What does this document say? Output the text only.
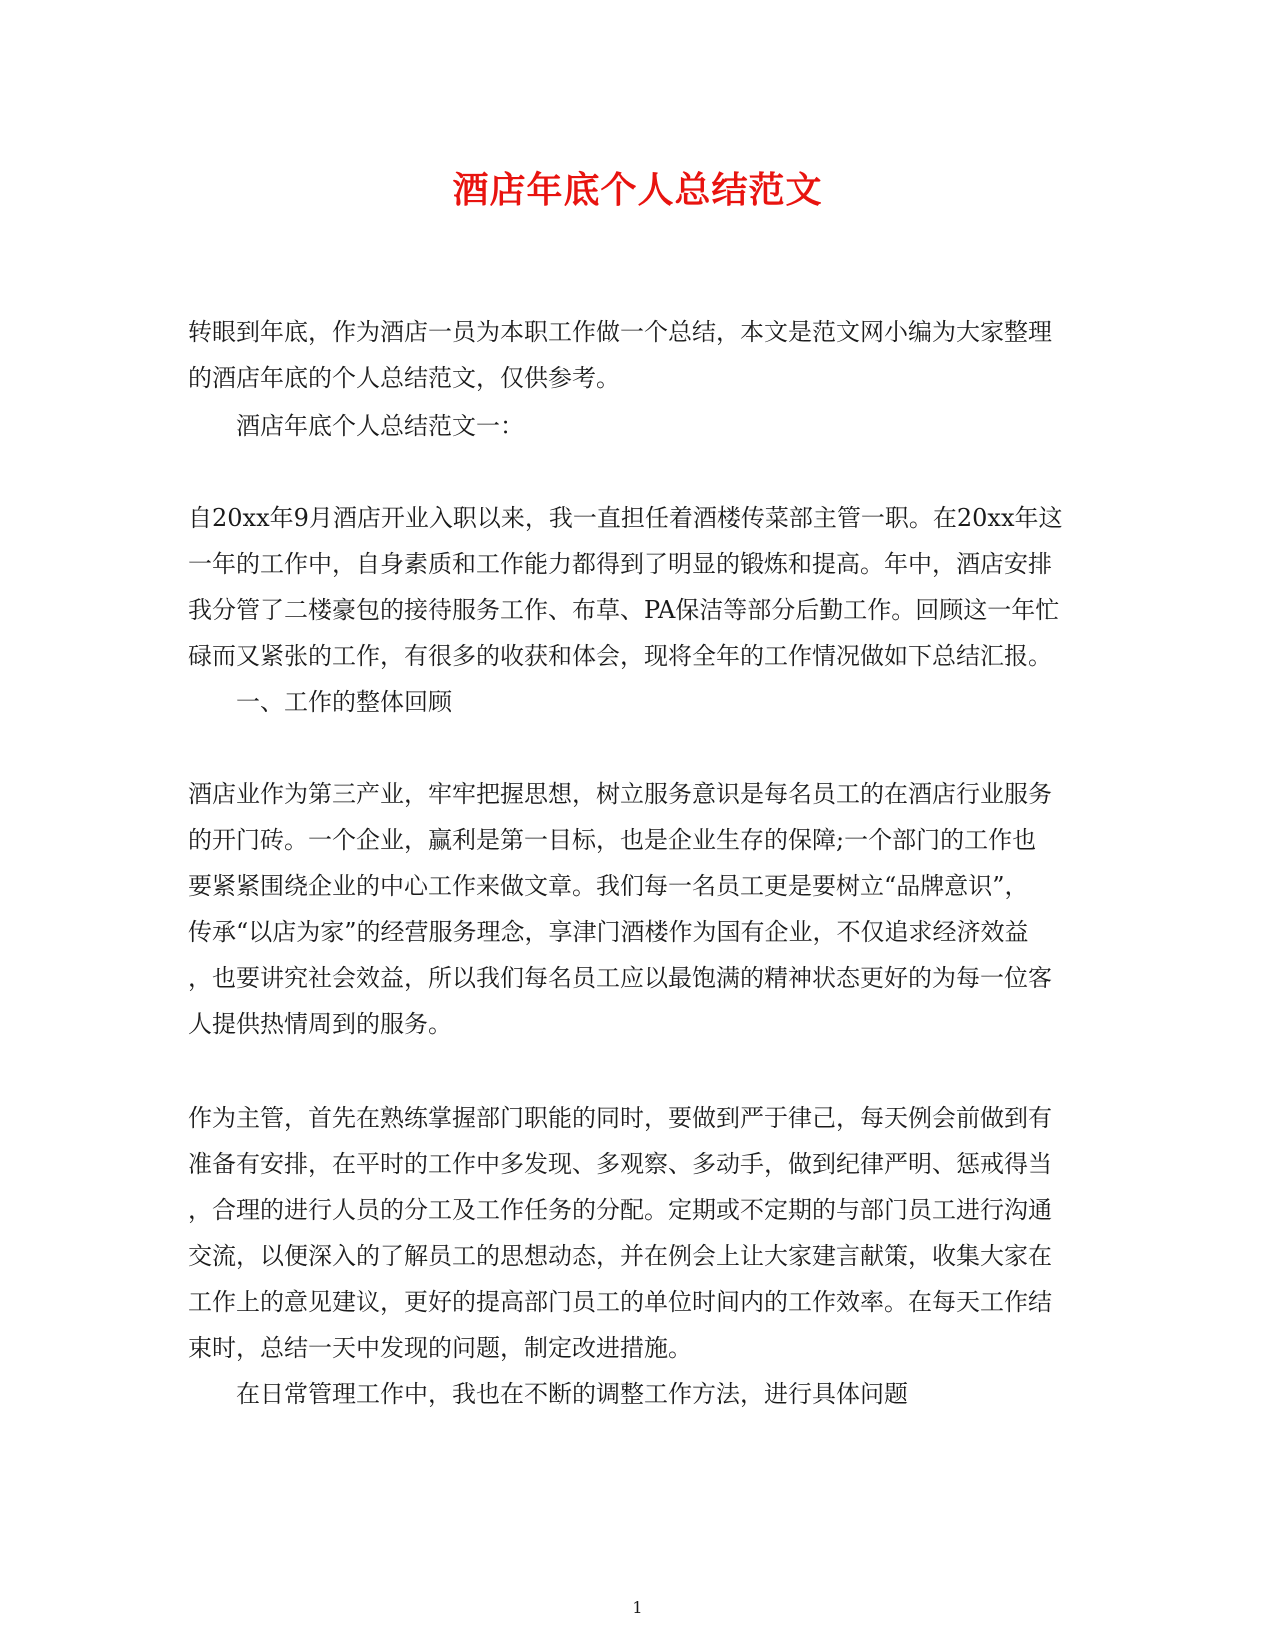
酒店年底个人总结范文

转眼到年底，作为酒店一员为本职工作做一个总结，本文是范文网小编为大家整理

的酒店年底的个人总结范文，仅供参考。

酒店年底个人总结范文一：

自20xx年9月酒店开业入职以来，我一直担任着酒楼传菜部主管一职。在20xx年这

一年的工作中，自身素质和工作能力都得到了明显的锻炼和提高。年中，酒店安排

我分管了二楼豪包的接待服务工作、布草、PA保洁等部分后勤工作。回顾这一年忙

碌而又紧张的工作，有很多的收获和体会，现将全年的工作情况做如下总结汇报。

一、工作的整体回顾

酒店业作为第三产业，牢牢把握思想，树立服务意识是每名员工的在酒店行业服务

的开门砖。一个企业，赢利是第一目标，也是企业生存的保障;一个部门的工作也

要紧紧围绕企业的中心工作来做文章。我们每一名员工更是要树立“品牌意识”，

传承“以店为家”的经营服务理念，享津门酒楼作为国有企业，不仅追求经济效益

，也要讲究社会效益，所以我们每名员工应以最饱满的精神状态更好的为每一位客

人提供热情周到的服务。

作为主管，首先在熟练掌握部门职能的同时，要做到严于律己，每天例会前做到有

准备有安排，在平时的工作中多发现、多观察、多动手，做到纪律严明、惩戒得当

，合理的进行人员的分工及工作任务的分配。定期或不定期的与部门员工进行沟通

交流，以便深入的了解员工的思想动态，并在例会上让大家建言献策，收集大家在

工作上的意见建议，更好的提高部门员工的单位时间内的工作效率。在每天工作结

束时，总结一天中发现的问题，制定改进措施。

在日常管理工作中，我也在不断的调整工作方法，进行具体问题

1
